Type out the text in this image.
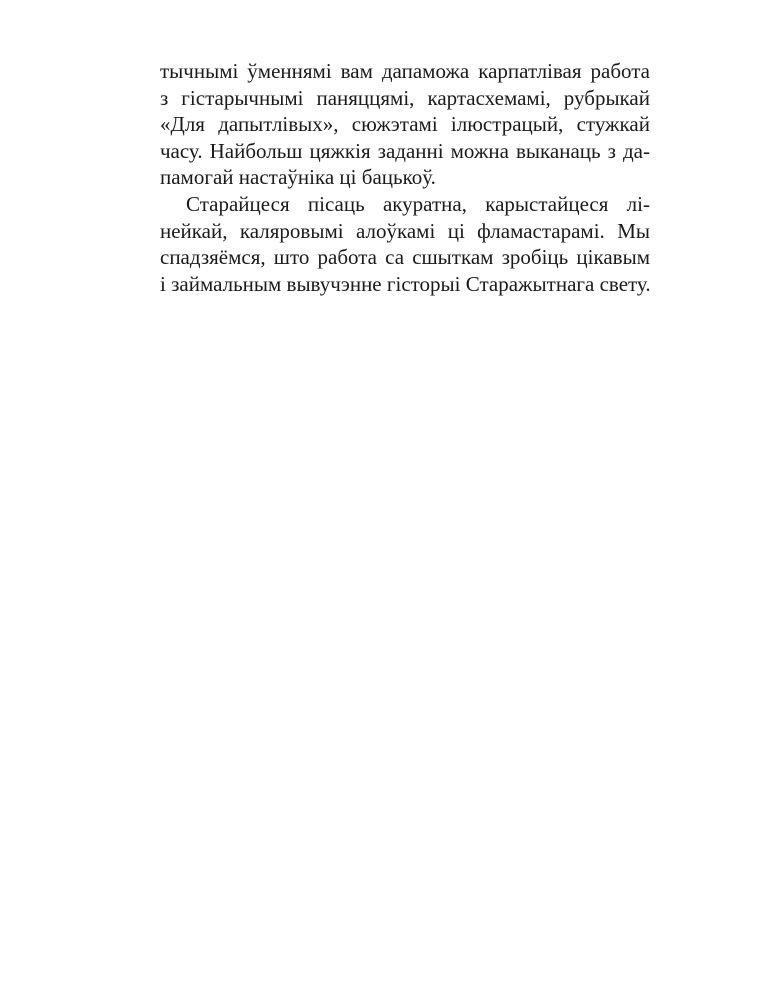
тычнымі ўменнямі вам дапаможа карпатлівая работа
з гістарычнымі паняццямі, картасхемамі, рубрыкай
«Для дапытлівых», сюжэтамі ілюстрацый, стужкай
часу. Найбольш цяжкія заданні можна выканаць з да-
памогай настаўніка ці бацькоў.
Старайцеся пісаць акуратна, карыстайцеся лі-
нейкай, каляровымі алоўкамі ці фламастарамі. Мы
спадзяёмся, што работа са сшыткам зробіць цікавым
і займальным вывучэнне гісторыі Старажытнага свету.
